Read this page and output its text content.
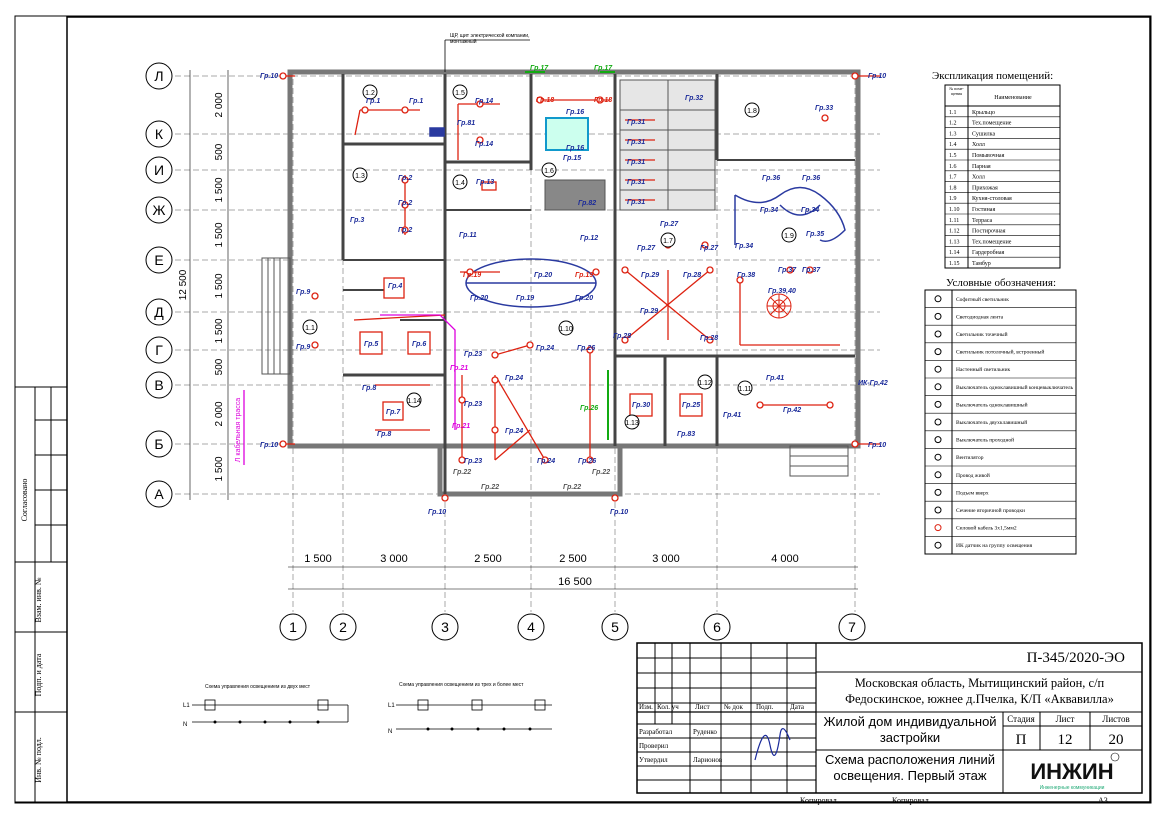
Согласовано
Взам. инв. №
Подп. и дата
Инв. № подл.
Л
К
И
Ж
Е
Д
Г
В
Б
А
1	2	3	4	5	6	7
2 000
500
1 500
1 500
1 500
1 500
500
2 000
1 500
12 500
1 500	3 000	2 500	2 500	3 000	4 000
16 500
Л кабельная трасса
1.2	1.5
1.3
1.4
1.6
1.7
1.8
1.9
1.10
1.1
1.13
1.12
1.11
1.14
Гр.10	Гр.10
Гр.10	Гр.10
Гр.10	Гр.10
Гр.1	Гр.1	Гр.14
Гр.14
Гр.81
Гр.16
Гр.16
Гр.18	Гр.18	Гр.32
Гр.33
Гр.31
Гр.31
Гр.31
Гр.31
Гр.31
Гр.2
Гр.2
Гр.2
Гр.3
Гр.13
Гр.15
Гр.82
Гр.35
Гр.36	Гр.36
Гр.34	Гр.34
Гр.34
Гр.11	Гр.12
Гр.27
Гр.27	Гр.27
Гр.19	Гр.19
Гр.19
Гр.20
Гр.20	Гр.20
Гр.37 Гр.37
Гр.9
Гр.9
Гр.4
Гр.5	Гр.6
Гр.38
Гр.29
Гр.29
Гр.28
Гр.28	Гр.28
Гр.39,40
Гр.23
Гр.23
Гр.23
Гр.24
Гр.24
Гр.24
Гр.24
Гр.26
Гр.26
Гр.26
Гр.21
Гр.21
Гр.8
Гр.8
Гр.7
Гр.25
Гр.30
Гр.41
Гр.41
Гр.42
Гр.22
Гр.22	Гр.22
Гр.22
Гр.83
Гр.17	Гр.17
ИК-Гр.42
ЩР, щит электрической компании, монтажный
Экспликация помещений:
1.1	Крыльцо
1.2	Тех.помещение
1.3	Сушилка
1.4	Холл
1.5	Помывочная
1.6	Парная
1.7	Холл
1.8	Прихожая
1.9	Кухня-столовая
1.10 Гостиная
1.11 Терраса
1.12 Постирочная
1.13 Тех.помещение
1.14 Гардеробная
1.15 Тамбур
№ поме- щения
Наименование
Условные обозначения:
Софитный светильник
Светодиодная лента
Светильник точечный
Светильник потолочный, встроенный
Настенный светильник
Выключатель одноклавишный концевыключатель
Выключатель одноклавишный
Выключатель двухклавишный
Выключатель проходной
Вентилятор
Провод живой
Подъем вверх
Сечение вторичной проводки
Силовой кабель 3х1,5мм2
ИК датчик на группу освещения
Схема управления освещением из двух мест	Схема управления освещением из трех и более мест
L1
N
L1
N
П-345/2020-ЭО
Московская область, Мытищинский район, с/п Федоскинское, южнее д.Пчелка, К/П «Аквавилла»
Жилой дом индивидуальной застройки
Схема расположения линий освещения. Первый этаж
Стадия Лист	Листов
П 12 20
Изм. Кол. уч Лист № док Подп. Дата
Разработал	Руденко
Проверил
Утвердил	Ларионов
Копировал	Копировал	А3
ИНЖИН
Инженерные коммуникации
